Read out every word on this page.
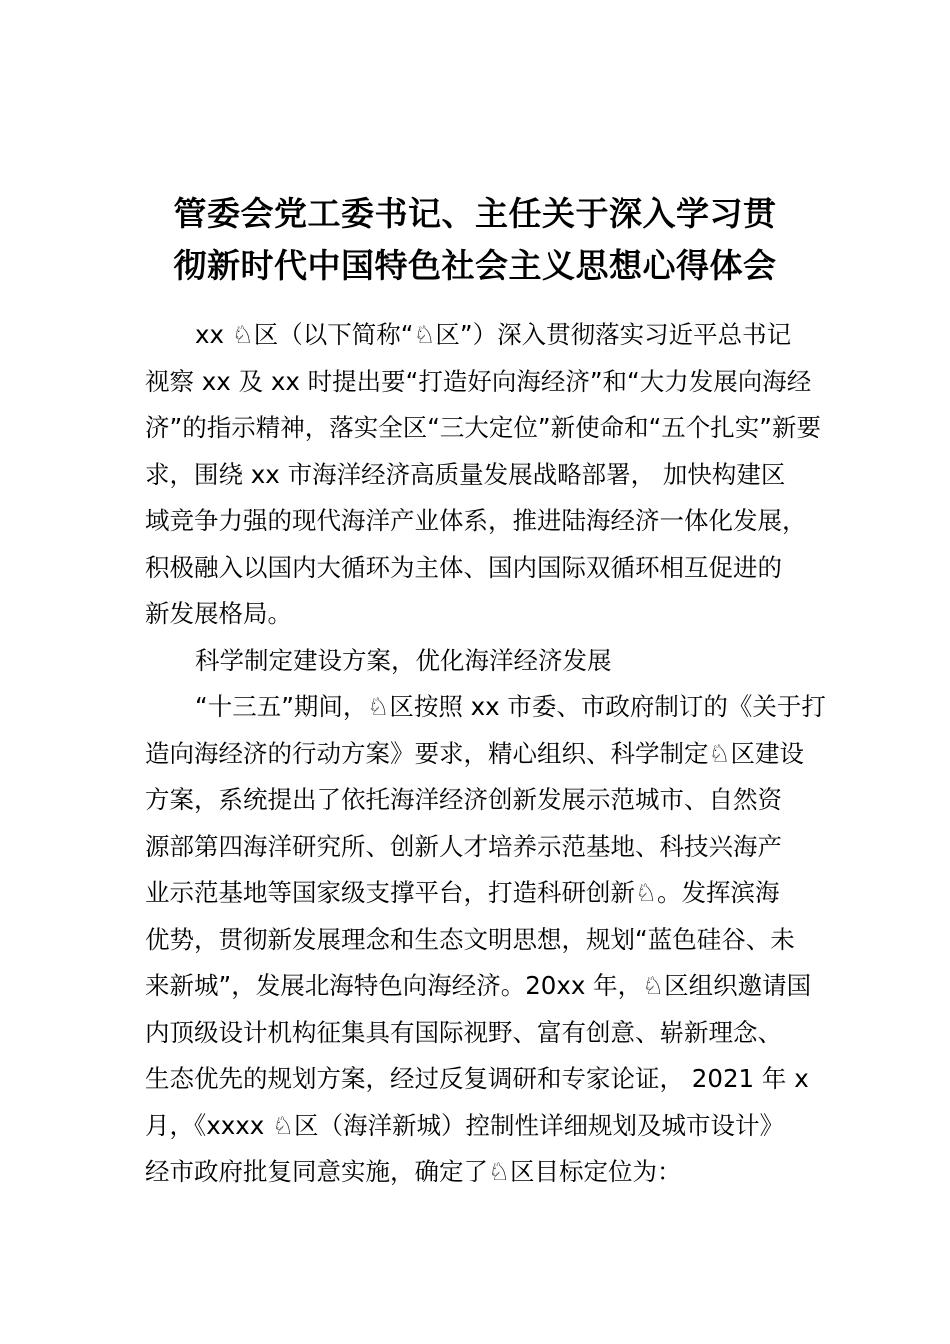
管委会党工委书记、主任关于深入学习贯
彻新时代中国特色社会主义思想心得体会
xx ♘区（以下简称“♘区”）深入贯彻落实习近平总书记
视察 xx 及 xx 时提出要“打造好向海经济”和“大力发展向海经
济”的指示精神，落实全区“三大定位”新使命和“五个扎实”新要
求，围绕 xx 市海洋经济高质量发展战略部署， 加快构建区
域竞争力强的现代海洋产业体系，推进陆海经济一体化发展，
积极融入以国内大循环为主体、国内国际双循环相互促进的
新发展格局。
科学制定建设方案，优化海洋经济发展
“十三五”期间，♘区按照 xx 市委、市政府制订的《关于打
造向海经济的行动方案》要求，精心组织、科学制定♘区建设
方案，系统提出了依托海洋经济创新发展示范城市、自然资
源部第四海洋研究所、创新人才培养示范基地、科技兴海产
业示范基地等国家级支撑平台，打造科研创新♘。发挥滨海
优势，贯彻新发展理念和生态文明思想，规划“蓝色硅谷、未
来新城”，发展北海特色向海经济。20xx 年，♘区组织邀请国
内顶级设计机构征集具有国际视野、富有创意、崭新理念、
生态优先的规划方案，经过反复调研和专家论证， 2021 年 x
月，《xxxx ♘区（海洋新城）控制性详细规划及城市设计》
经市政府批复同意实施，确定了♘区目标定位为：
